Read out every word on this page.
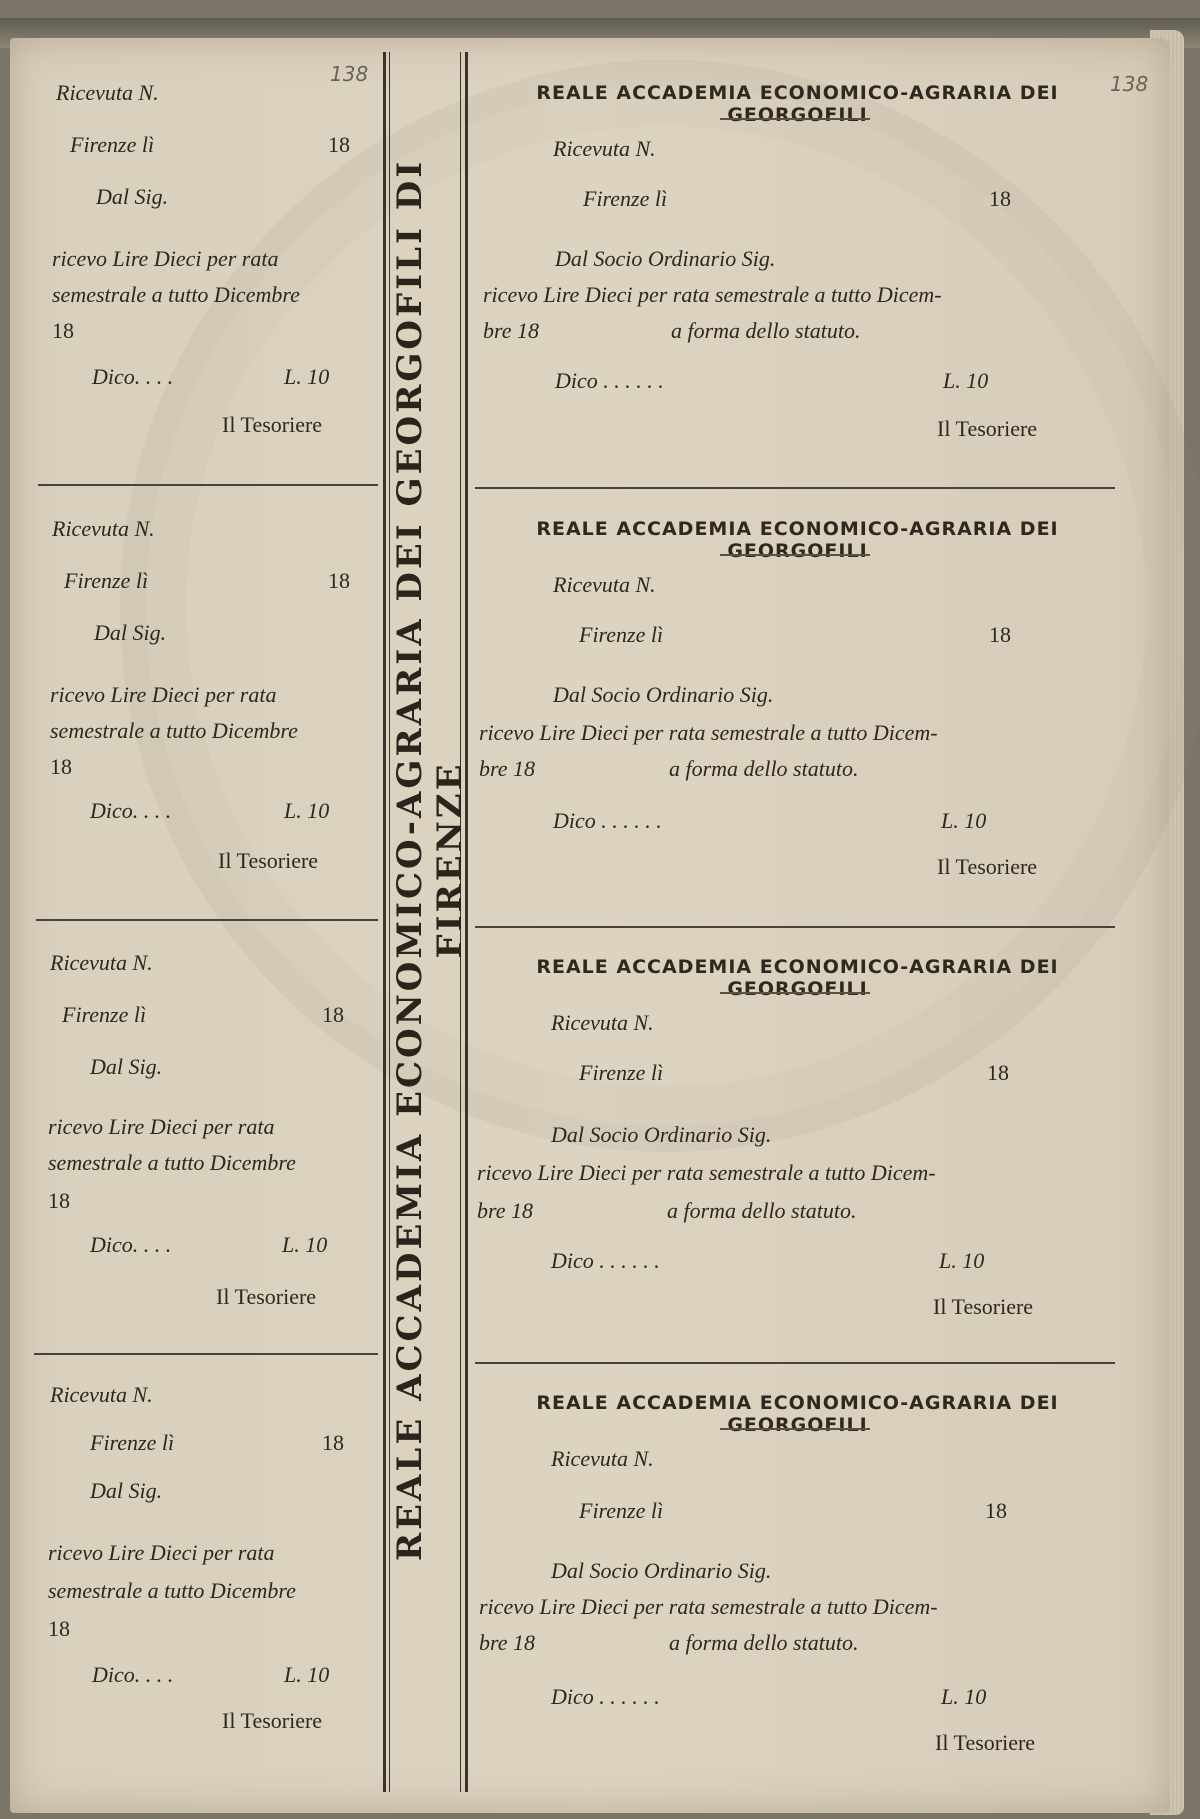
138	138
REALE ACCADEMIA ECONOMICO-AGRARIA DEI GEORGOFILI DI FIRENZE
Ricevuta N.
Firenze lì	18
Dal Sig.
ricevo Lire Dieci per rata
semestrale a tutto Dicembre
18
Dico. . . .	L. 10
Il Tesoriere
Ricevuta N.
Firenze lì	18
Dal Sig.
ricevo Lire Dieci per rata
semestrale a tutto Dicembre
18
Dico. . . .	L. 10
Il Tesoriere
Ricevuta N.
Firenze lì	18
Dal Sig.
ricevo Lire Dieci per rata
semestrale a tutto Dicembre
18
Dico. . . .	L. 10
Il Tesoriere
Ricevuta N.
Firenze lì	18
Dal Sig.
ricevo Lire Dieci per rata
semestrale a tutto Dicembre
18
Dico. . . .	L. 10
Il Tesoriere
REALE ACCADEMIA ECONOMICO-AGRARIA DEI GEORGOFILI
Ricevuta N.
Firenze lì	18
Dal Socio Ordinario Sig.
ricevo Lire Dieci per rata semestrale a tutto Dicem-
bre 18	a forma dello statuto.
Dico . . . . . .	L. 10
Il Tesoriere
REALE ACCADEMIA ECONOMICO-AGRARIA DEI GEORGOFILI
Ricevuta N.
Firenze lì	18
Dal Socio Ordinario Sig.
ricevo Lire Dieci per rata semestrale a tutto Dicem-
bre 18	a forma dello statuto.
Dico . . . . . .	L. 10
Il Tesoriere
REALE ACCADEMIA ECONOMICO-AGRARIA DEI GEORGOFILI
Ricevuta N.
Firenze lì	18
Dal Socio Ordinario Sig.
ricevo Lire Dieci per rata semestrale a tutto Dicem-
bre 18	a forma dello statuto.
Dico . . . . . .	L. 10
Il Tesoriere
REALE ACCADEMIA ECONOMICO-AGRARIA DEI GEORGOFILI
Ricevuta N.
Firenze lì	18
Dal Socio Ordinario Sig.
ricevo Lire Dieci per rata semestrale a tutto Dicem-
bre 18	a forma dello statuto.
Dico . . . . . .	L. 10
Il Tesoriere
